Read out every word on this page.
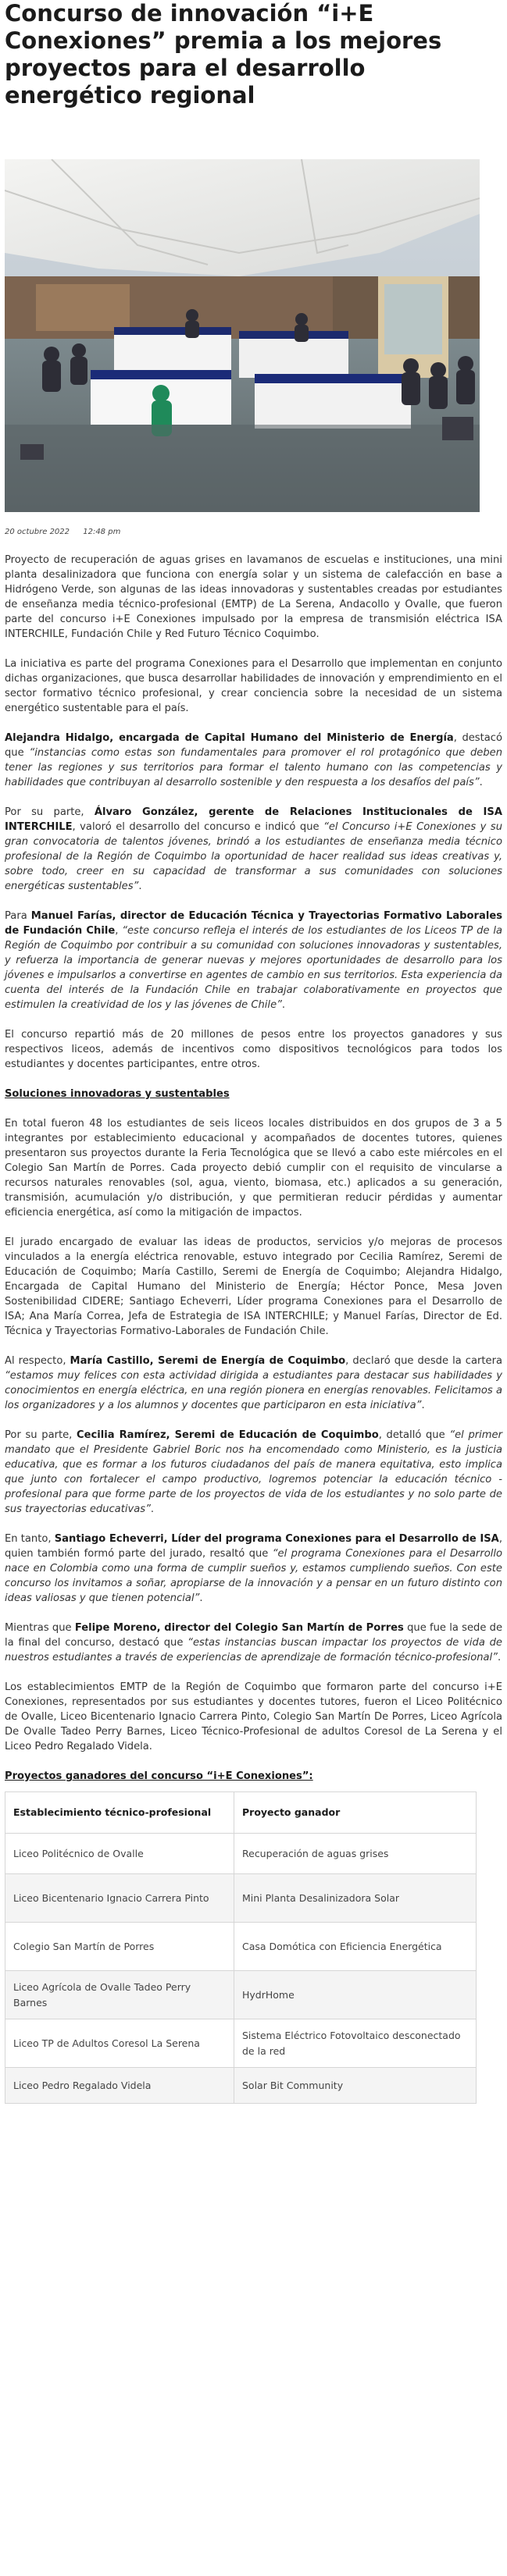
Concurso de innovación “i+E Conexiones” premia a los mejores proyectos para el desarrollo energético regional
20 octubre 2022 12:48 pm

Proyecto de recuperación de aguas grises en lavamanos de escuelas e instituciones, una mini planta desalinizadora que funciona con energía solar y un sistema de calefacción en base a Hidrógeno Verde, son algunas de las ideas innovadoras y sustentables creadas por estudiantes de enseñanza media técnico-profesional (EMTP) de La Serena, Andacollo y Ovalle, que fueron parte del concurso i+E Conexiones impulsado por la empresa de transmisión eléctrica ISA INTERCHILE, Fundación Chile y Red Futuro Técnico Coquimbo.

La iniciativa es parte del programa Conexiones para el Desarrollo que implementan en conjunto dichas organizaciones, que busca desarrollar habilidades de innovación y emprendimiento en el sector formativo técnico profesional, y crear conciencia sobre la necesidad de un sistema energético sustentable para el país.

Alejandra Hidalgo, encargada de Capital Humano del Ministerio de Energía, destacó que “instancias como estas son fundamentales para promover el rol protagónico que deben tener las regiones y sus territorios para formar el talento humano con las competencias y habilidades que contribuyan al desarrollo sostenible y den respuesta a los desafíos del país”.

Por su parte, Álvaro González, gerente de Relaciones Institucionales de ISA INTERCHILE, valoró el desarrollo del concurso e indicó que “el Concurso i+E Conexiones y su gran convocatoria de talentos jóvenes, brindó a los estudiantes de enseñanza media técnico profesional de la Región de Coquimbo la oportunidad de hacer realidad sus ideas creativas y, sobre todo, creer en su capacidad de transformar a sus comunidades con soluciones energéticas sustentables”.

Para Manuel Farías, director de Educación Técnica y Trayectorias Formativo Laborales de Fundación Chile, “este concurso refleja el interés de los estudiantes de los Liceos TP de la Región de Coquimbo por contribuir a su comunidad con soluciones innovadoras y sustentables, y refuerza la importancia de generar nuevas y mejores oportunidades de desarrollo para los jóvenes e impulsarlos a convertirse en agentes de cambio en sus territorios. Esta experiencia da cuenta del interés de la Fundación Chile en trabajar colaborativamente en proyectos que estimulen la creatividad de los y las jóvenes de Chile”.

El concurso repartió más de 20 millones de pesos entre los proyectos ganadores y sus respectivos liceos, además de incentivos como dispositivos tecnológicos para todos los estudiantes y docentes participantes, entre otros.

Soluciones innovadoras y sustentables

En total fueron 48 los estudiantes de seis liceos locales distribuidos en dos grupos de 3 a 5 integrantes por establecimiento educacional y acompañados de docentes tutores, quienes presentaron sus proyectos durante la Feria Tecnológica que se llevó a cabo este miércoles en el Colegio San Martín de Porres. Cada proyecto debió cumplir con el requisito de vincularse a recursos naturales renovables (sol, agua, viento, biomasa, etc.) aplicados a su generación, transmisión, acumulación y/o distribución, y que permitieran reducir pérdidas y aumentar eficiencia energética, así como la mitigación de impactos.

El jurado encargado de evaluar las ideas de productos, servicios y/o mejoras de procesos vinculados a la energía eléctrica renovable, estuvo integrado por Cecilia Ramírez, Seremi de Educación de Coquimbo; María Castillo, Seremi de Energía de Coquimbo; Alejandra Hidalgo, Encargada de Capital Humano del Ministerio de Energía; Héctor Ponce, Mesa Joven Sostenibilidad CIDERE; Santiago Echeverri, Líder programa Conexiones para el Desarrollo de ISA; Ana María Correa, Jefa de Estrategia de ISA INTERCHILE; y Manuel Farías, Director de Ed. Técnica y Trayectorias Formativo-Laborales de Fundación Chile.

Al respecto, María Castillo, Seremi de Energía de Coquimbo, declaró que desde la cartera “estamos muy felices con esta actividad dirigida a estudiantes para destacar sus habilidades y conocimientos en energía eléctrica, en una región pionera en energías renovables. Felicitamos a los organizadores y a los alumnos y docentes que participaron en esta iniciativa”.

Por su parte, Cecilia Ramírez, Seremi de Educación de Coquimbo, detalló que “el primer mandato que el Presidente Gabriel Boric nos ha encomendado como Ministerio, es la justicia educativa, que es formar a los futuros ciudadanos del país de manera equitativa, esto implica que junto con fortalecer el campo productivo, logremos potenciar la educación técnico - profesional para que forme parte de los proyectos de vida de los estudiantes y no solo parte de sus trayectorias educativas”.

En tanto, Santiago Echeverri, Líder del programa Conexiones para el Desarrollo de ISA, quien también formó parte del jurado, resaltó que “el programa Conexiones para el Desarrollo nace en Colombia como una forma de cumplir sueños y, estamos cumpliendo sueños. Con este concurso los invitamos a soñar, apropiarse de la innovación y a pensar en un futuro distinto con ideas valiosas y que tienen potencial”.

Mientras que Felipe Moreno, director del Colegio San Martín de Porres que fue la sede de la final del concurso, destacó que “estas instancias buscan impactar los proyectos de vida de nuestros estudiantes a través de experiencias de aprendizaje de formación técnico-profesional”.

Los establecimientos EMTP de la Región de Coquimbo que formaron parte del concurso i+E Conexiones, representados por sus estudiantes y docentes tutores, fueron el Liceo Politécnico de Ovalle, Liceo Bicentenario Ignacio Carrera Pinto, Colegio San Martín De Porres, Liceo Agrícola De Ovalle Tadeo Perry Barnes, Liceo Técnico-Profesional de adultos Coresol de La Serena y el Liceo Pedro Regalado Videla.

Proyectos ganadores del concurso “i+E Conexiones”:
Establecimiento técnico-profesional	Proyecto ganador
Liceo Politécnico de Ovalle	Recuperación de aguas grises
Liceo Bicentenario Ignacio Carrera Pinto	Mini Planta Desalinizadora Solar
Colegio San Martín de Porres	Casa Domótica con Eficiencia Energética
Liceo Agrícola de Ovalle Tadeo Perry Barnes	HydrHome
Liceo TP de Adultos Coresol La Serena	Sistema Eléctrico Fotovoltaico desconectado de la red
Liceo Pedro Regalado Videla	Solar Bit Community
